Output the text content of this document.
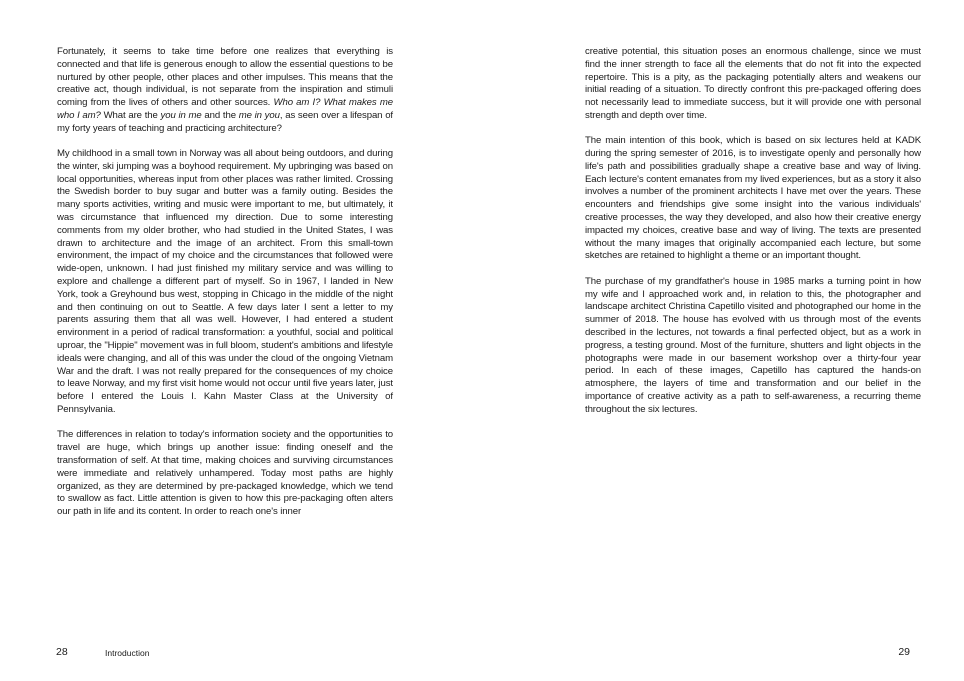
Fortunately, it seems to take time before one realizes that everything is connected and that life is generous enough to allow the essential questions to be nurtured by other people, other places and other impulses. This means that the creative act, though individual, is not separate from the inspiration and stimuli coming from the lives of others and other sources. Who am I? What makes me who I am? What are the you in me and the me in you, as seen over a lifespan of my forty years of teaching and practicing architecture?

My childhood in a small town in Norway was all about being outdoors, and during the winter, ski jumping was a boyhood requirement. My upbringing was based on local opportunities, whereas input from other places was rather limited. Crossing the Swedish border to buy sugar and butter was a family outing. Besides the many sports activities, writing and music were important to me, but ultimately, it was circumstance that influenced my direction. Due to some interesting comments from my older brother, who had studied in the United States, I was drawn to architecture and the image of an architect. From this small-town environment, the impact of my choice and the circumstances that followed were wide-open, unknown. I had just finished my military service and was willing to explore and challenge a different part of myself. So in 1967, I landed in New York, took a Greyhound bus west, stopping in Chicago in the middle of the night and then continuing on out to Seattle. A few days later I sent a letter to my parents assuring them that all was well. However, I had entered a student environment in a period of radical transformation: a youthful, social and political uproar, the "Hippie" movement was in full bloom, student's ambitions and lifestyle ideals were changing, and all of this was under the cloud of the ongoing Vietnam War and the draft. I was not really prepared for the consequences of my choice to leave Norway, and my first visit home would not occur until five years later, just before I entered the Louis I. Kahn Master Class at the University of Pennsylvania.

The differences in relation to today's information society and the opportunities to travel are huge, which brings up another issue: finding oneself and the transformation of self. At that time, making choices and surviving circumstances were immediate and relatively unhampered. Today most paths are highly organized, as they are determined by pre-packaged knowledge, which we tend to swallow as fact. Little attention is given to how this pre-packaging often alters our path in life and its content. In order to reach one's inner

28	Introduction

creative potential, this situation poses an enormous challenge, since we must find the inner strength to face all the elements that do not fit into the expected repertoire. This is a pity, as the packaging potentially alters and weakens our initial reading of a situation. To directly confront this pre-packaged offering does not necessarily lead to immediate success, but it will provide one with personal strength and depth over time.

The main intention of this book, which is based on six lectures held at KADK during the spring semester of 2016, is to investigate openly and personally how life's path and possibilities gradually shape a creative base and way of living. Each lecture's content emanates from my lived experiences, but as a story it also involves a number of the prominent architects I have met over the years. These encounters and friendships give some insight into the various individuals' creative processes, the way they developed, and also how their creative energy impacted my choices, creative base and way of living. The texts are presented without the many images that originally accompanied each lecture, but some sketches are retained to highlight a theme or an important thought.

The purchase of my grandfather's house in 1985 marks a turning point in how my wife and I approached work and, in relation to this, the photographer and landscape architect Christina Capetillo visited and photographed our home in the summer of 2018. The house has evolved with us through most of the events described in the lectures, not towards a final perfected object, but as a work in progress, a testing ground. Most of the furniture, shutters and light objects in the photographs were made in our basement workshop over a thirty-four year period. In each of these images, Capetillo has captured the hands-on atmosphere, the layers of time and transformation and our belief in the importance of creative activity as a path to self-awareness, a recurring theme throughout the six lectures.

29
